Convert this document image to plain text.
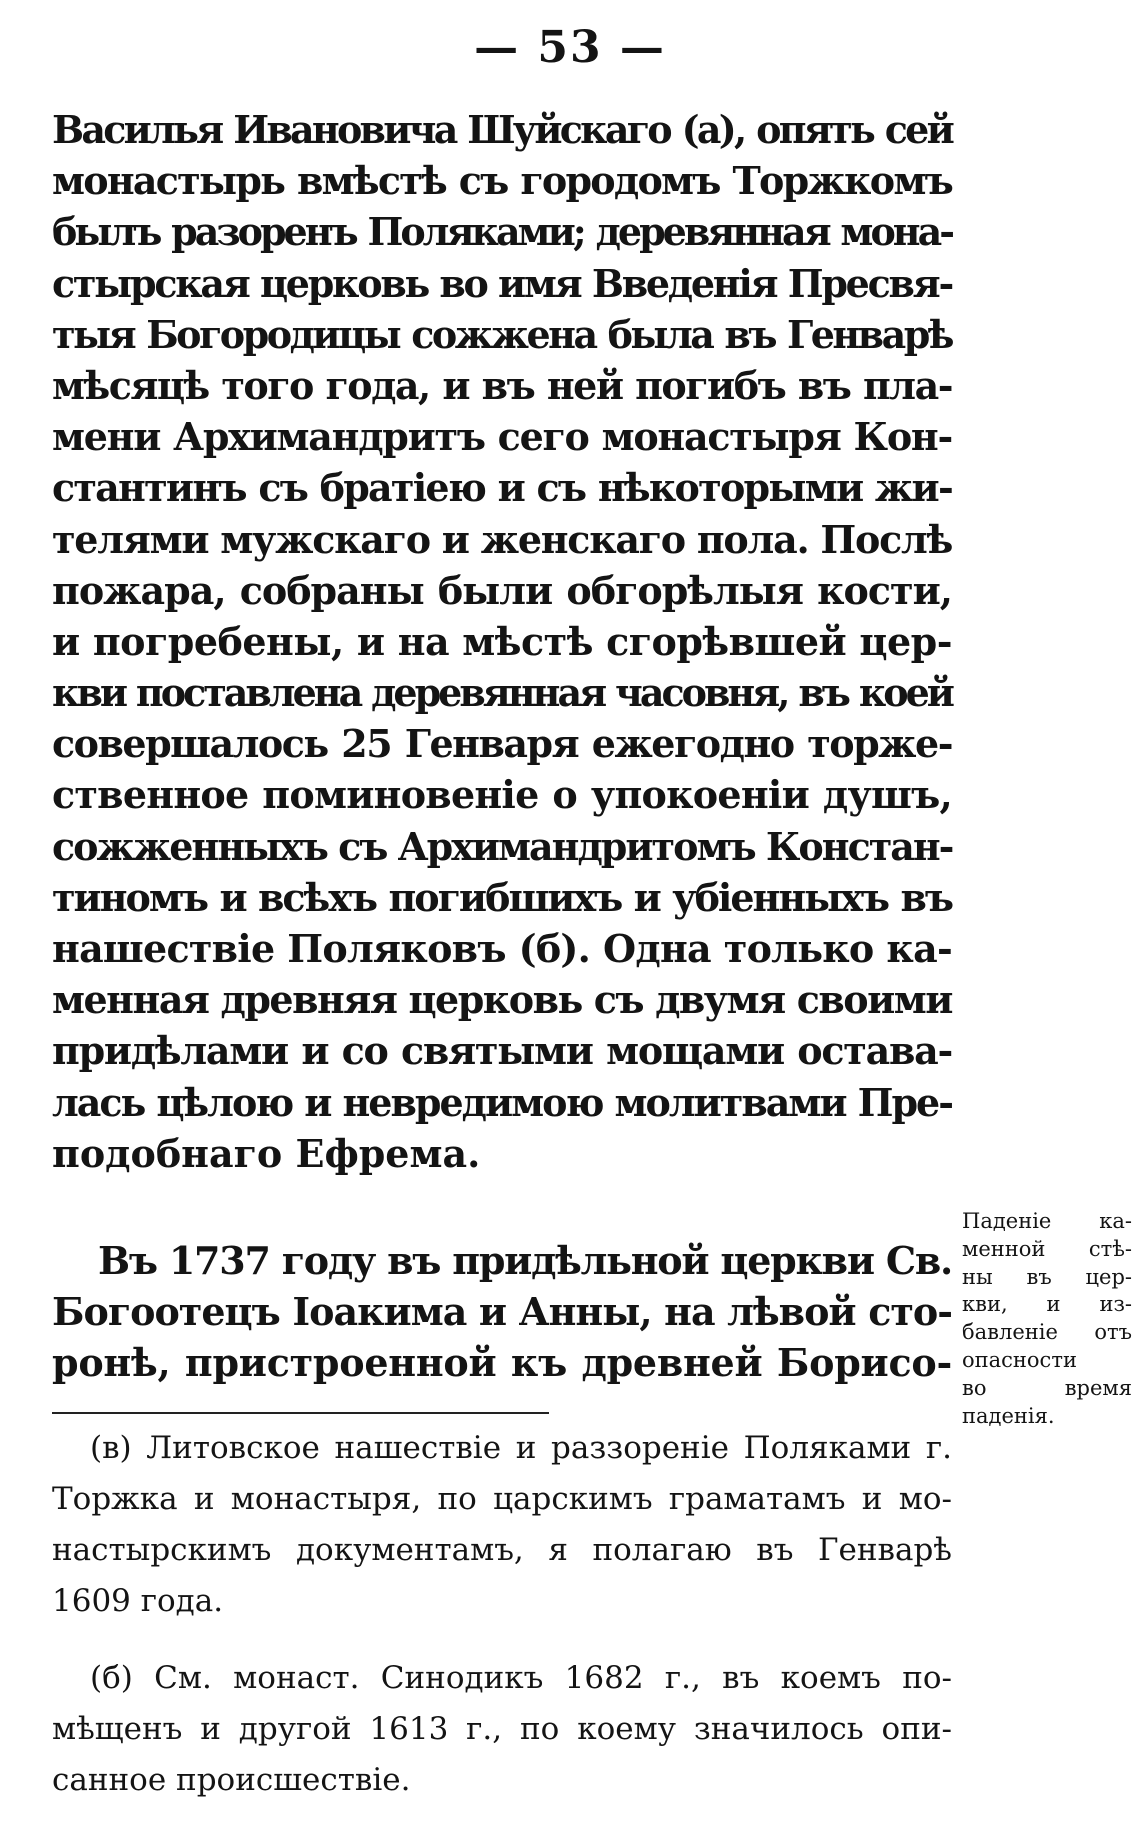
— 53 —
Василья Ивановича Шуйскаго (а), опять сей
монастырь вмѣстѣ съ городомъ Торжкомъ
былъ разоренъ Поляками; деревянная мона-
стырская церковь во имя Введенія Пресвя-
тыя Богородицы сожжена была въ Генварѣ
мѣсяцѣ того года, и въ ней погибъ въ пла-
мени Архимандритъ сего монастыря Кон-
стантинъ съ братіею и съ нѣкоторыми жи-
телями мужскаго и женскаго пола. Послѣ
пожара, собраны были обгорѣлыя кости,
и погребены, и на мѣстѣ сгорѣвшей цер-
кви поставлена деревянная часовня, въ коей
совершалось 25 Генваря ежегодно торже-
ственное поминовеніе о упокоеніи душъ,
сожженныхъ съ Архимандритомъ Констан-
тиномъ и всѣхъ погибшихъ и убіенныхъ въ
нашествіе Поляковъ (б). Одна только ка-
менная древняя церковь съ двумя своими
придѣлами и со святыми мощами остава-
лась цѣлою и невредимою молитвами Пре-
подобнаго Ефрема.
Въ 1737 году въ придѣльной церкви Св.
Богоотецъ Іоакима и Анны, на лѣвой сто-
ронѣ, пристроенной къ древней Борисо-
Паденіе ка-
менной стѣ-
ны въ цер-
кви, и из-
бавленіе отъ
опасности
во время
паденія.
(в) Литовское нашествіе и раззореніе Поляками г.
Торжка и монастыря, по царскимъ граматамъ и мо-
настырскимъ документамъ, я полагаю въ Генварѣ
1609 года.
(б) См. монаст. Синодикъ 1682 г., въ коемъ по-
мѣщенъ и другой 1613 г., по коему значилось опи-
санное происшествіе.
